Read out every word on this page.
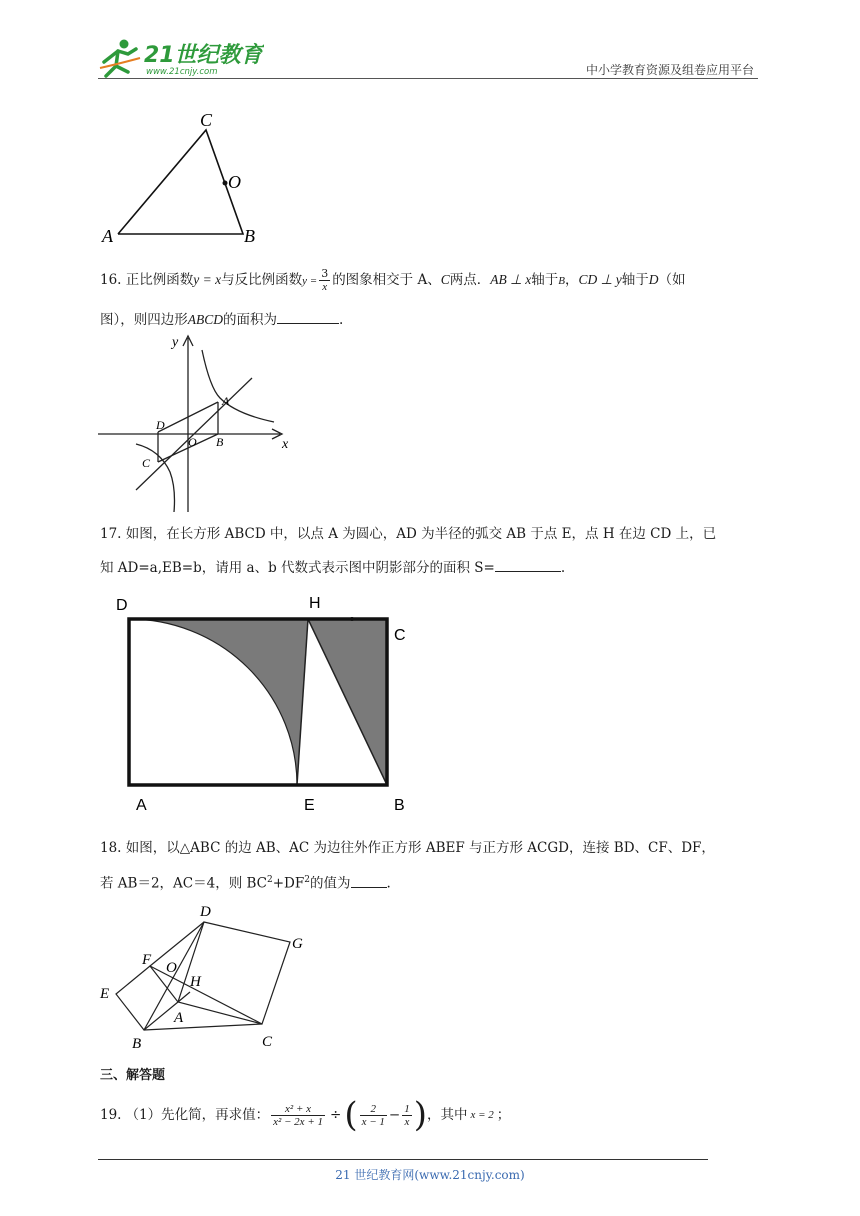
21世纪教育
www.21cnjy.com	中小学教育资源及组卷应用平台
C
O
A	B
16. 正比例函数y = x与反比例函数$y = \frac{3}{x}$ 的图象相交于 A、C两点．AB ⊥ x轴于B，CD ⊥ y轴于D（如
图），则四边形ABCD的面积为	.
y
x
A
B
C
D
O
17. 如图，在长方形 ABCD 中，以点 A 为圆心，AD 为半径的弧交 AB 于点 E，点 H 在边 CD 上，已
知 AD=a,EB=b，请用 a、b 代数式表示图中阴影部分的面积 S=	.
D	H
C
A	E	B
18. 如图，以△ABC 的边 AB、AC 为边往外作正方形 ABEF 与正方形 ACGD，连接 BD、CF、DF，
若 AB＝2，AC＝4，则 $BC^2+DF^2$的值为	.
D
G
F O
H
E
A
B	C
三、解答题
19. （1）先化简，再求值： $\frac{\text{x² + x}}{\text{x² − 2x + 1}}$ ÷ ( $\frac{2}{x - 1} - \frac{1}{x}$ ) ，其中 x = 2 ；
21 世纪教育网(www.21cnjy.com)
